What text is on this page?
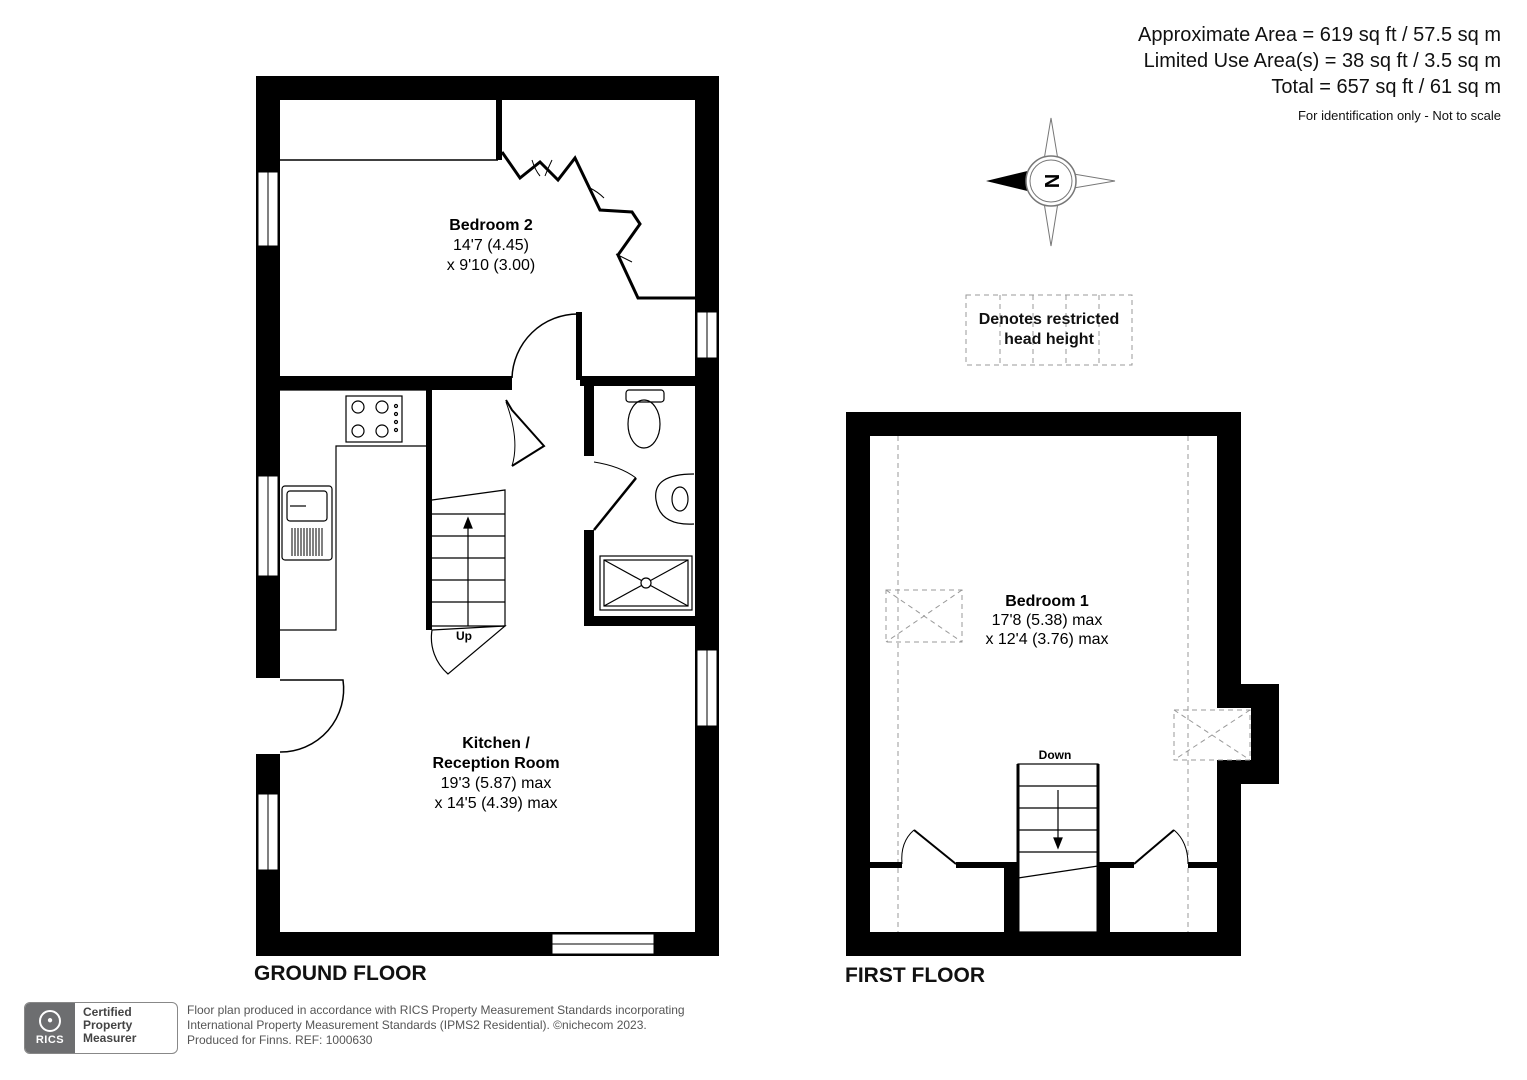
Approximate Area = 619 sq ft / 57.5 sq m
Limited Use Area(s) = 38 sq ft / 3.5 sq m
Total = 657 sq ft / 61 sq m
For identification only - Not to scale
Bedroom 2
14'7 (4.45)
x 9'10 (3.00)
Kitchen /
Reception Room
19'3 (5.87) max
x 14'5 (4.39) max
Up
Bedroom 1
17'8 (5.38) max
x 12'4 (3.76) max
Down
N
Denotes restricted
head height
GROUND FLOOR	FIRST FLOOR
●
RICS
Certified
Property
Measurer
Floor plan produced in accordance with RICS Property Measurement Standards incorporating
International Property Measurement Standards (IPMS2 Residential). ©nichecom 2023.
Produced for Finns. REF: 1000630
